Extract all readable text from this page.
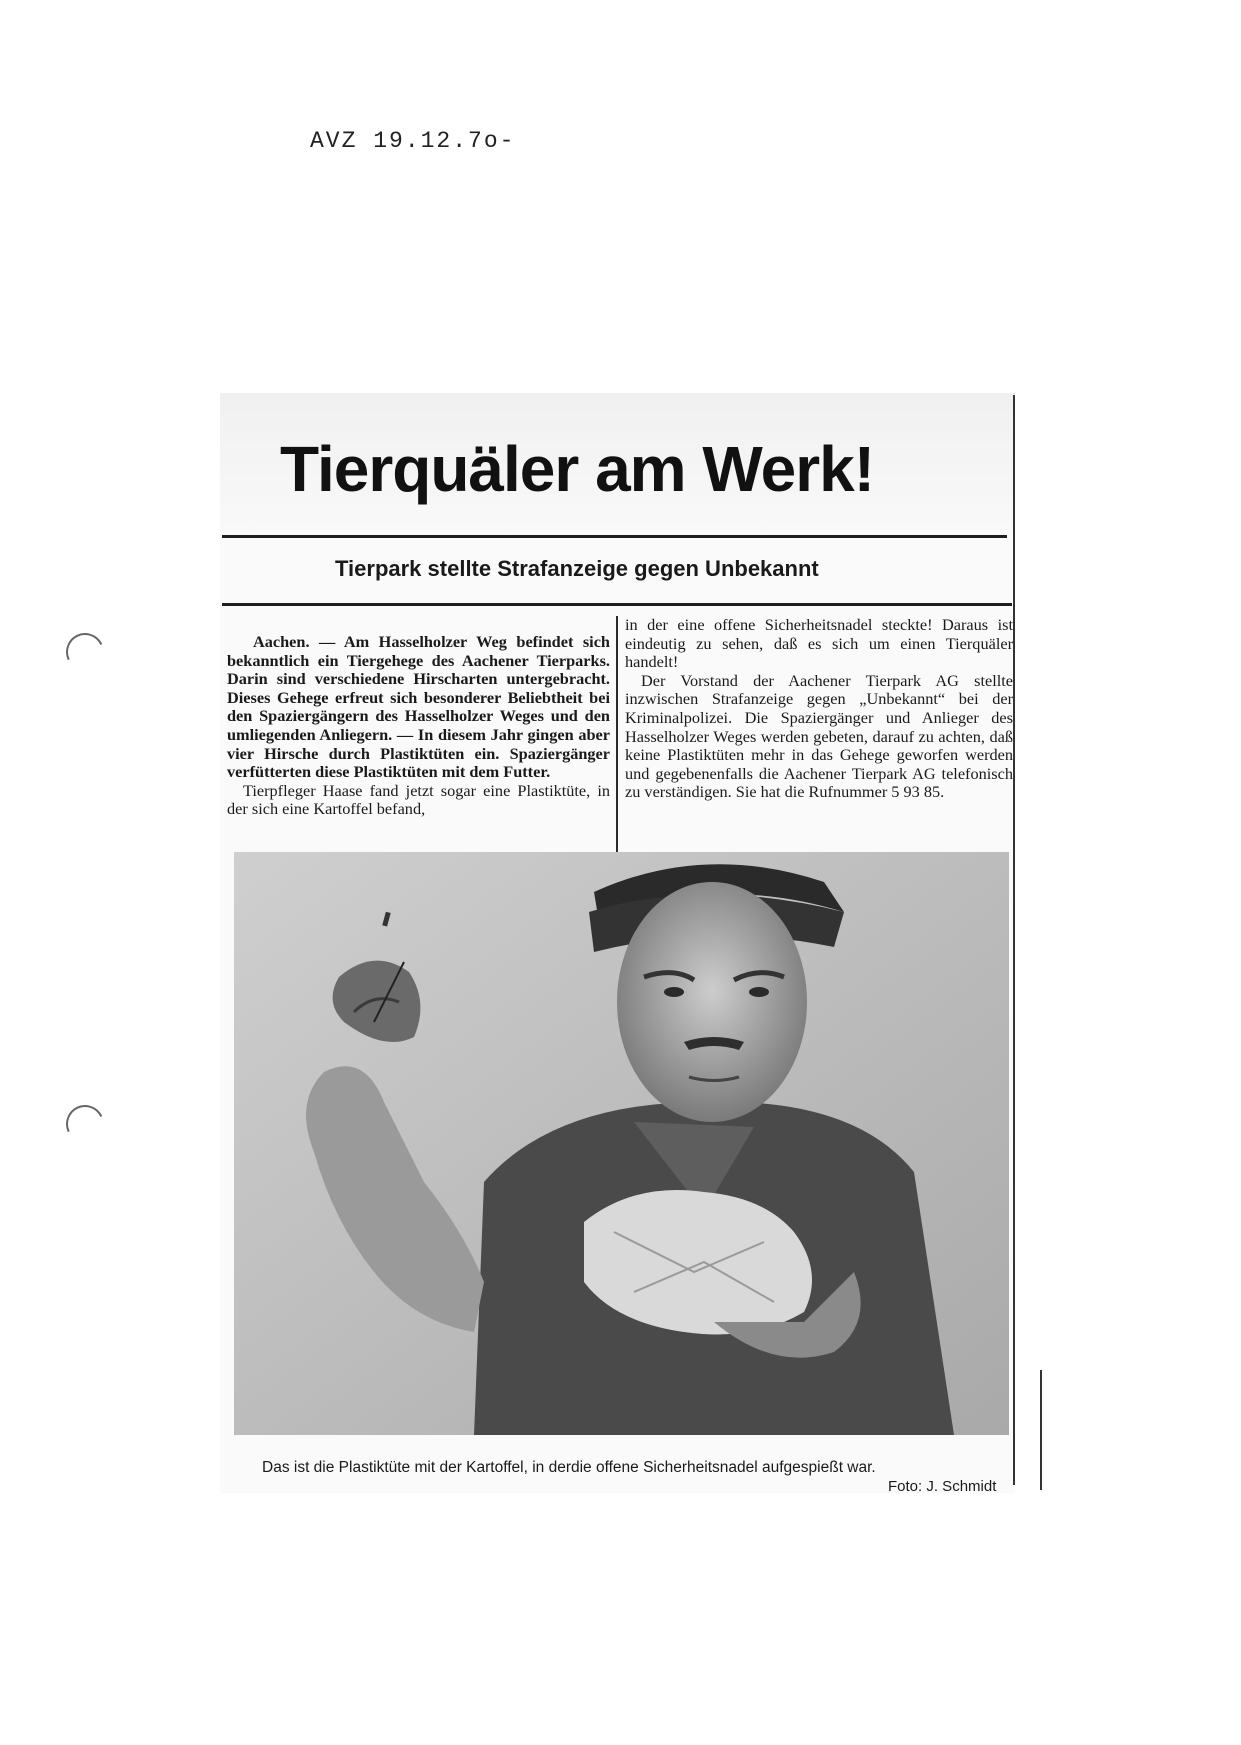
AVZ 19.12.7o-
Tierquäler am Werk!
Tierpark stellte Strafanzeige gegen Unbekannt

Aachen. — Am Hasselholzer Weg befindet sich bekanntlich ein Tiergehege des Aachener Tierparks. Darin sind verschiedene Hirscharten untergebracht. Dieses Gehege erfreut sich besonderer Beliebtheit bei den Spaziergängern des Hasselholzer Weges und den umliegenden Anliegern. — In diesem Jahr gingen aber vier Hirsche durch Plastiktüten ein. Spaziergänger verfütterten diese Plastiktüten mit dem Futter.

Tierpfleger Haase fand jetzt sogar eine Plastiktüte, in der sich eine Kartoffel befand,

in der eine offene Sicherheitsnadel steckte! Daraus ist eindeutig zu sehen, daß es sich um einen Tierquäler handelt!

Der Vorstand der Aachener Tierpark AG stellte inzwischen Strafanzeige gegen „Unbekannt“ bei der Kriminalpolizei. Die Spaziergänger und Anlieger des Hasselholzer Weges werden gebeten, darauf zu achten, daß keine Plastiktüten mehr in das Gehege geworfen werden und gegebenenfalls die Aachener Tierpark AG telefonisch zu verständigen. Sie hat die Rufnummer 5 93 85.

Das ist die Plastiktüte mit der Kartoffel, in derdie offene Sicherheitsnadel aufgespießt war.
Foto: J. Schmidt
